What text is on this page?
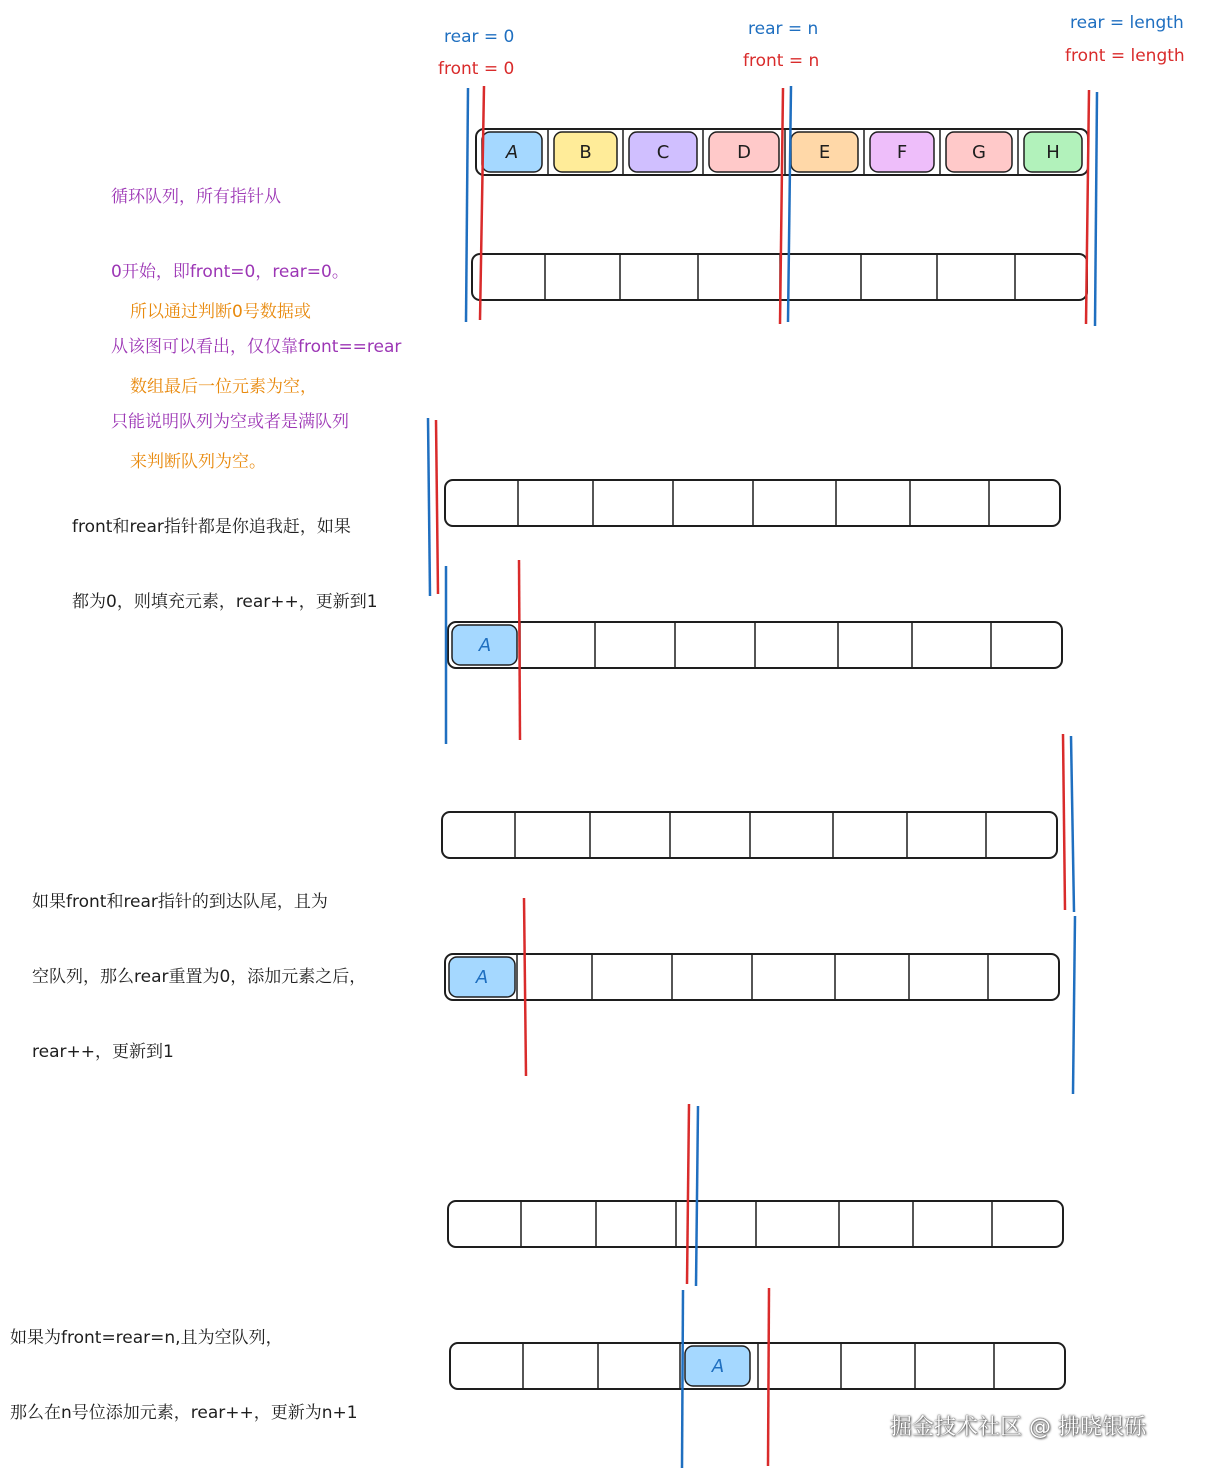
A	B	C	D	E	F	G	H
rear = 0
front = 0
rear = n
front = n
rear = length
front = length
A
A
A

循环队列，所有指针从

0开始，即front=0，rear=0。

从该图可以看出，仅仅靠front==rear

只能说明队列为空或者是满队列

所以通过判断0号数据或

数组最后一位元素为空，

来判断队列为空。

front和rear指针都是你追我赶，如果

都为0，则填充元素，rear++，更新到1

如果front和rear指针的到达队尾，且为

空队列，那么rear重置为0，添加元素之后，

rear++，更新到1

如果为front=rear=n,且为空队列，

那么在n号位添加元素，rear++，更新为n+1

掘金技术社区 @ 拂晓银砾
